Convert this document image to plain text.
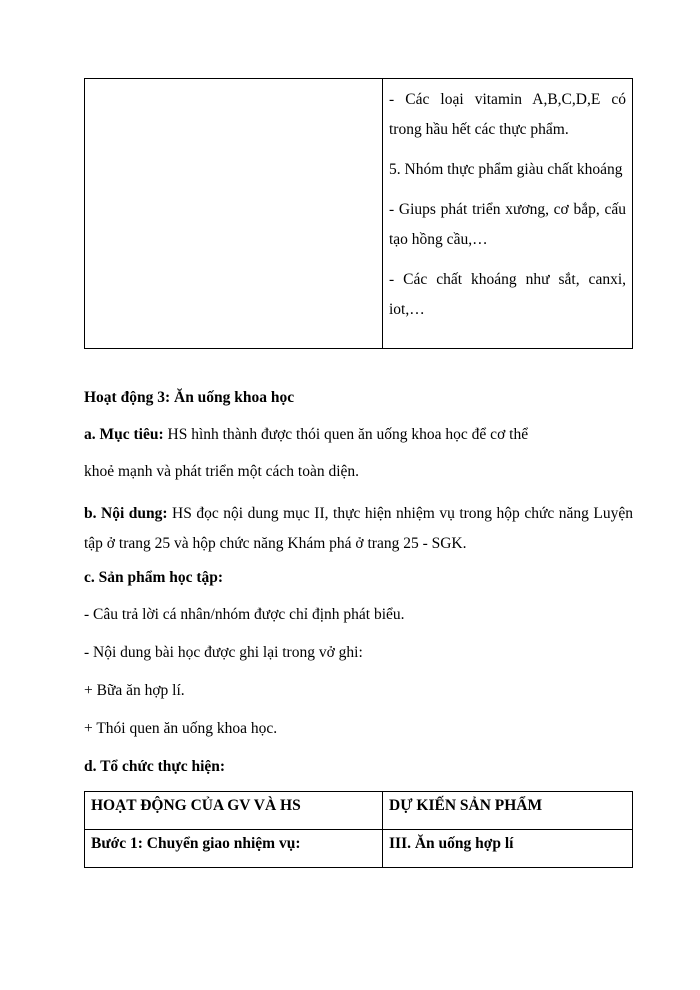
- Các loại vitamin A,B,C,D,E có trong hầu hết các thực phẩm.

5. Nhóm thực phẩm giàu chất khoáng

- Giups phát triển xương, cơ bắp, cấu tạo hồng cầu,…

- Các chất khoáng như sắt, canxi, iot,…

Hoạt động 3: Ăn uống khoa học

a. Mục tiêu: HS hình thành được thói quen ăn uống khoa học để cơ thể

khoẻ mạnh và phát triển một cách toàn diện.

b. Nội dung: HS đọc nội dung mục II, thực hiện nhiệm vụ trong hộp chức năng Luyện tập ở trang 25 và hộp chức năng Khám phá ở trang 25 - SGK.

c. Sản phẩm học tập:

- Câu trả lời cá nhân/nhóm được chỉ định phát biểu.

- Nội dung bài học được ghi lại trong vở ghi:

+ Bữa ăn hợp lí.

+ Thói quen ăn uống khoa học.

d. Tổ chức thực hiện:

HOẠT ĐỘNG CỦA GV VÀ HS	DỰ KIẾN SẢN PHẨM
Bước 1: Chuyển giao nhiệm vụ:	III. Ăn uống hợp lí
